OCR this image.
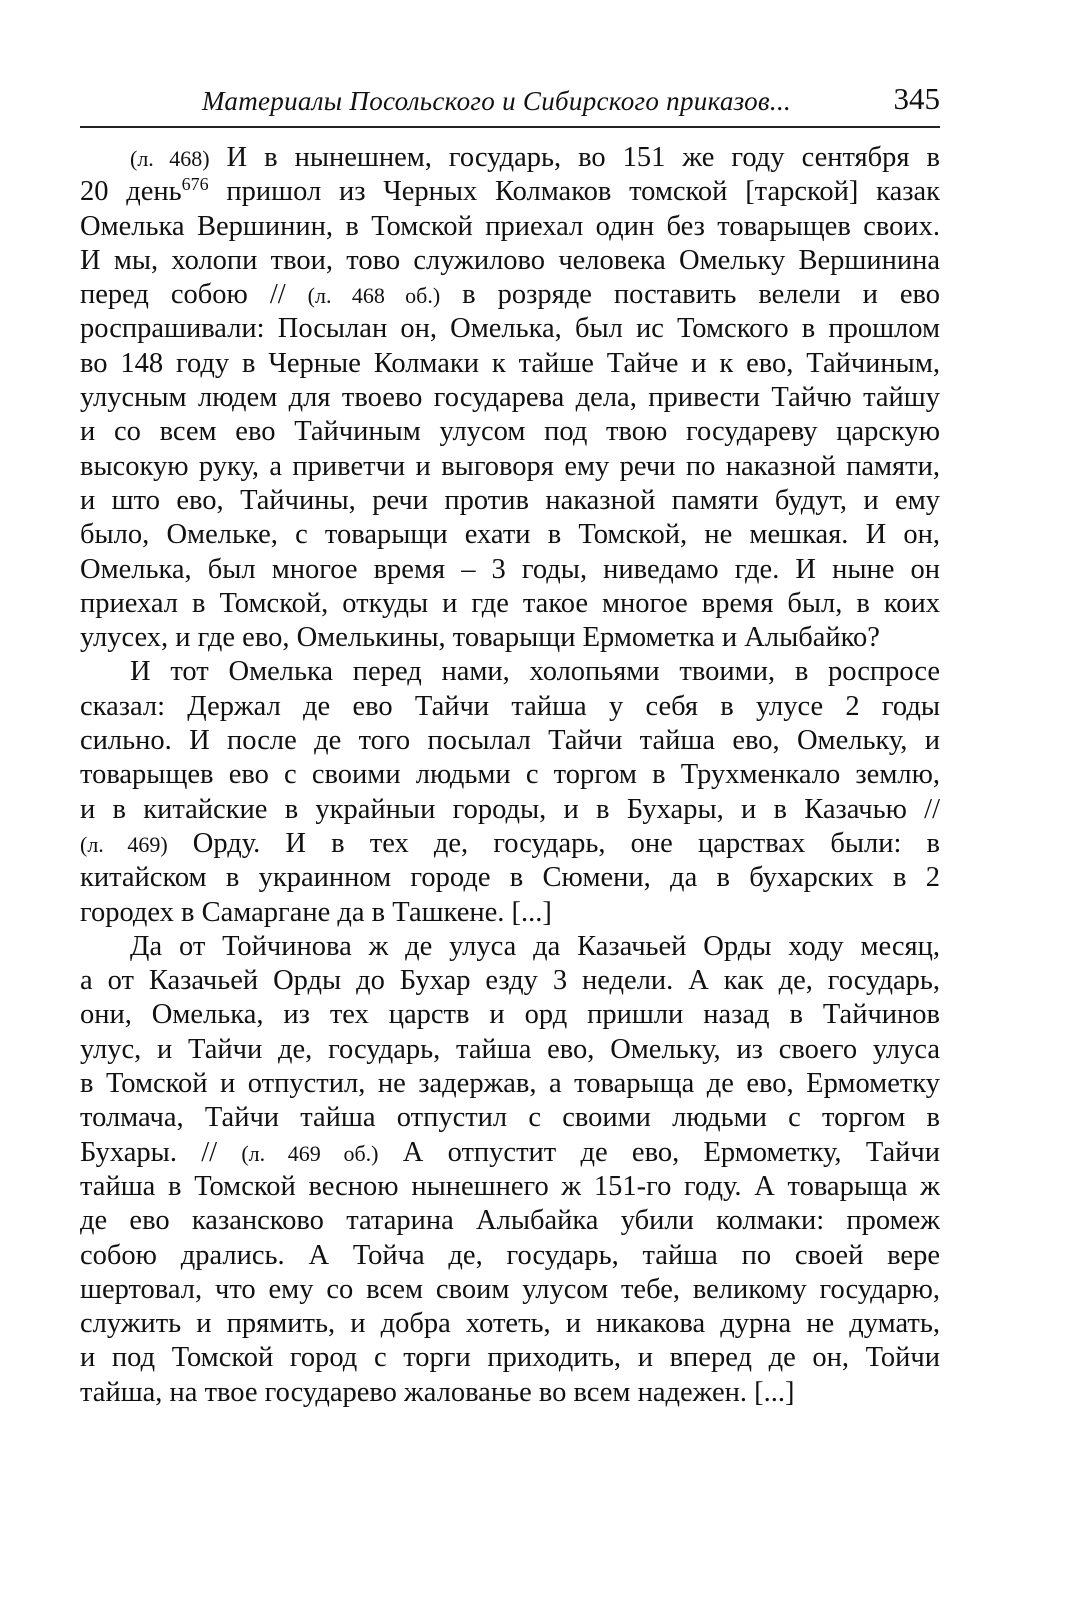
Материалы Посольского и Сибирского приказов...	345
(л. 468) И в нынешнем, государь, во 151 же году сентября в
20 день$^{676}$ пришол из Черных Колмаков томской [тарской] казак
Омелька Вершинин, в Томской приехал один без товарыщев своих.
И мы, холопи твои, тово служилово человека Омельку Вершинина
перед собою // (л. 468 об.) в розряде поставить велели и ево
роспрашивали: Посылан он, Омелька, был ис Томского в прошлом
во 148 году в Черные Колмаки к тайше Тайче и к ево, Тайчиным,
улусным людем для твоево государева дела, привести Тайчю тайшу
и со всем ево Тайчиным улусом под твою государеву царскую
высокую руку, а приветчи и выговоря ему речи по наказной памяти,
и што ево, Тайчины, речи против наказной памяти будут, и ему
было, Омельке, с товарыщи ехати в Томской, не мешкая. И он,
Омелька, был многое время – 3 годы, ниведамо где. И ныне он
приехал в Томской, откуды и где такое многое время был, в коих
улусех, и где ево, Омелькины, товарыщи Ермометка и Алыбайко?
И тот Омелька перед нами, холопьями твоими, в роспросе
сказал: Держал де ево Тайчи тайша у себя в улусе 2 годы
сильно. И после де того посылал Тайчи тайша ево, Омельку, и
товарыщев ево с своими людьми с торгом в Трухменкало землю,
и в китайские в украйныи городы, и в Бухары, и в Казачью //
(л. 469) Орду. И в тех де, государь, оне царствах были: в
китайском в украинном городе в Сюмени, да в бухарских в 2
городех в Самаргане да в Ташкене. [...]
Да от Тойчинова ж де улуса да Казачьей Орды ходу месяц,
а от Казачьей Орды до Бухар езду 3 недели. А как де, государь,
они, Омелька, из тех царств и орд пришли назад в Тайчинов
улус, и Тайчи де, государь, тайша ево, Омельку, из своего улуса
в Томской и отпустил, не задержав, а товарыща де ево, Ермометку
толмача, Тайчи тайша отпустил с своими людьми с торгом в
Бухары. // (л. 469 об.) А отпустит де ево, Ермометку, Тайчи
тайша в Томской весною нынешнего ж 151-го году. А товарыща ж
де ево казансково татарина Алыбайка убили колмаки: промеж
собою дрались. А Тойча де, государь, тайша по своей вере
шертовал, что ему со всем своим улусом тебе, великому государю,
служить и прямить, и добра хотеть, и никакова дурна не думать,
и под Томской город с торги приходить, и вперед де он, Тойчи
тайша, на твое государево жалованье во всем надежен. [...]
